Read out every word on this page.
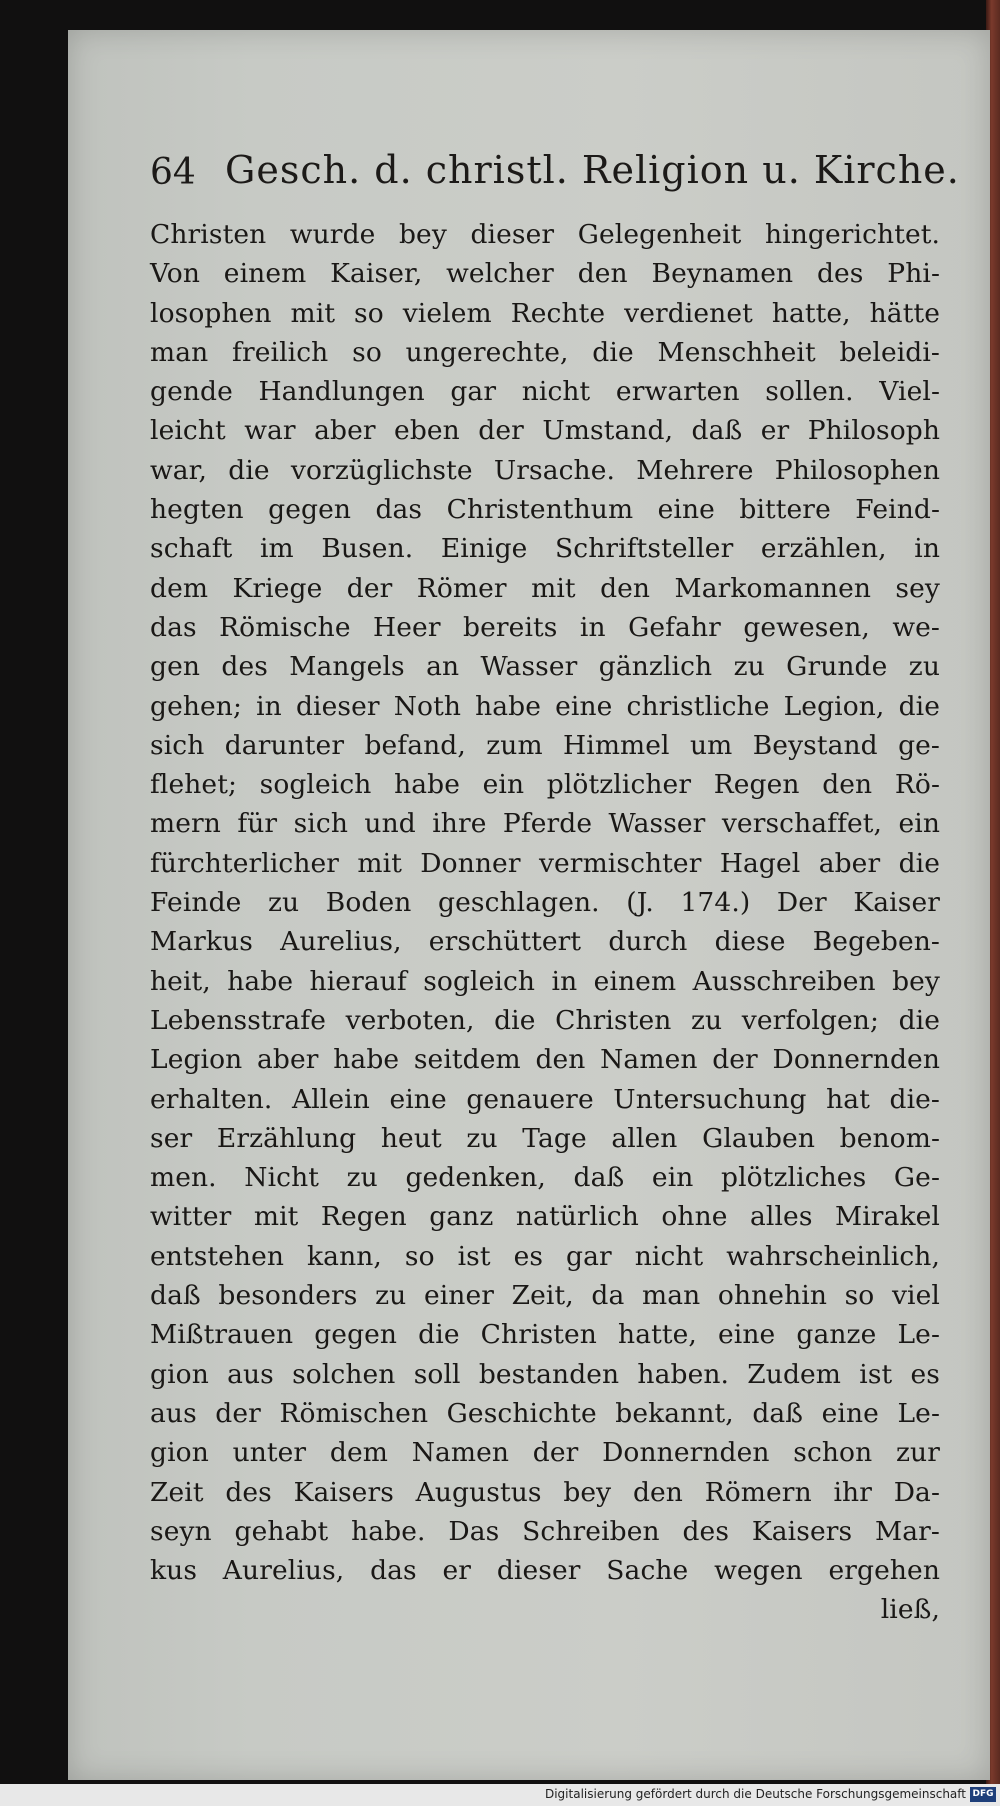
64 Gesch. d. christl. Religion u. Kirche.
Christen wurde bey dieser Gelegenheit hingerichtet.
Von einem Kaiser, welcher den Beynamen des Phi-
losophen mit so vielem Rechte verdienet hatte, hätte
man freilich so ungerechte, die Menschheit beleidi-
gende Handlungen gar nicht erwarten sollen. Viel-
leicht war aber eben der Umstand, daß er Philosoph
war, die vorzüglichste Ursache. Mehrere Philosophen
hegten gegen das Christenthum eine bittere Feind-
schaft im Busen. Einige Schriftsteller erzählen, in
dem Kriege der Römer mit den Markomannen sey
das Römische Heer bereits in Gefahr gewesen, we-
gen des Mangels an Wasser gänzlich zu Grunde zu
gehen; in dieser Noth habe eine christliche Legion, die
sich darunter befand, zum Himmel um Beystand ge-
flehet; sogleich habe ein plötzlicher Regen den Rö-
mern für sich und ihre Pferde Wasser verschaffet, ein
fürchterlicher mit Donner vermischter Hagel aber die
Feinde zu Boden geschlagen. (J. 174.) Der Kaiser
Markus Aurelius, erschüttert durch diese Begeben-
heit, habe hierauf sogleich in einem Ausschreiben bey
Lebensstrafe verboten, die Christen zu verfolgen; die
Legion aber habe seitdem den Namen der Donnernden
erhalten. Allein eine genauere Untersuchung hat die-
ser Erzählung heut zu Tage allen Glauben benom-
men. Nicht zu gedenken, daß ein plötzliches Ge-
witter mit Regen ganz natürlich ohne alles Mirakel
entstehen kann, so ist es gar nicht wahrscheinlich,
daß besonders zu einer Zeit, da man ohnehin so viel
Mißtrauen gegen die Christen hatte, eine ganze Le-
gion aus solchen soll bestanden haben. Zudem ist es
aus der Römischen Geschichte bekannt, daß eine Le-
gion unter dem Namen der Donnernden schon zur
Zeit des Kaisers Augustus bey den Römern ihr Da-
seyn gehabt habe. Das Schreiben des Kaisers Mar-
kus Aurelius, das er dieser Sache wegen ergehen
ließ,
Digitalisierung gefördert durch die Deutsche Forschungsgemeinschaft DFG
